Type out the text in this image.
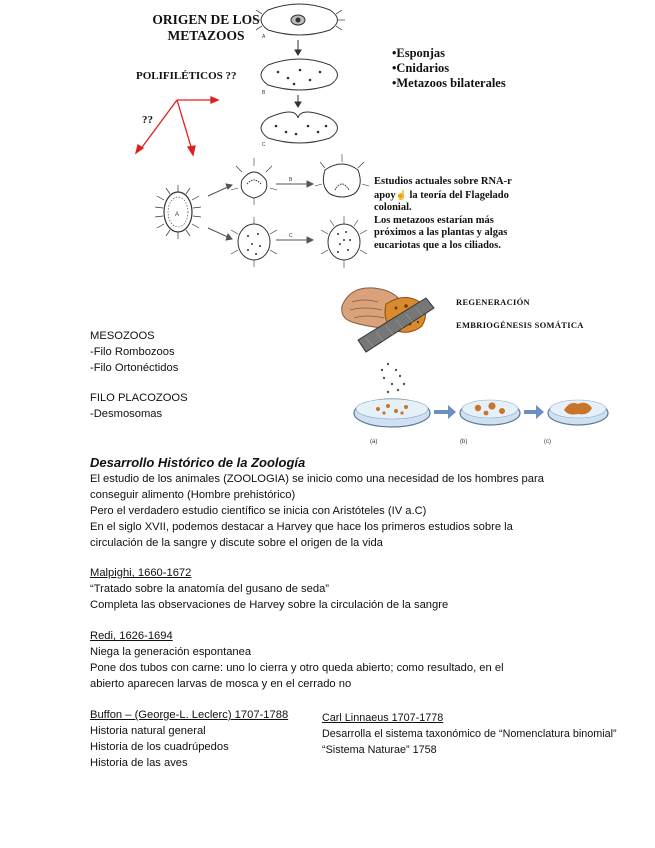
ORIGEN DE LOS
METAZOOS
POLIFILÉTICOS ??
??
•Esponjas
•Cnidarios
•Metazoos bilaterales
A
B
C
A
B
C
Estudios actuales sobre RNA-r
apoy☝ la teoría del Flagelado
colonial.
Los metazoos estarían más
próximos a las plantas y algas
eucariotas que a los ciliados.
(a)	(b)	(c)
REGENERACIÓN
EMBRIOGÉNESIS SOMÁTICA
MESOZOOS
-Filo Rombozoos
-Filo Ortonéctidos
FILO PLACOZOOS
-Desmosomas
Desarrollo Histórico de la Zoología
El estudio de los animales (ZOOLOGIA) se inicio como una necesidad de los hombres para
conseguir alimento (Hombre prehistórico)
Pero el verdadero estudio científico se inicia con Aristóteles (IV a.C)
En el siglo XVII, podemos destacar a Harvey que hace los primeros estudios sobre la
circulación de la sangre y discute sobre el origen de la vida
Malpighi, 1660-1672
“Tratado sobre la anatomía del gusano de seda”
Completa las observaciones de Harvey sobre la circulación de la sangre
Redi, 1626-1694
Niega la generación espontanea
Pone dos tubos con carne: uno lo cierra y otro queda abierto; como resultado, en el
abierto aparecen larvas de mosca y en el cerrado no
Buffon – (George-L. Leclerc) 1707-1788
Historia natural general
Historia de los cuadrúpedos
Historia de las aves
Carl Linnaeus 1707-1778
Desarrolla el sistema taxonómico de “Nomenclatura binomial”
“Sistema Naturae” 1758
